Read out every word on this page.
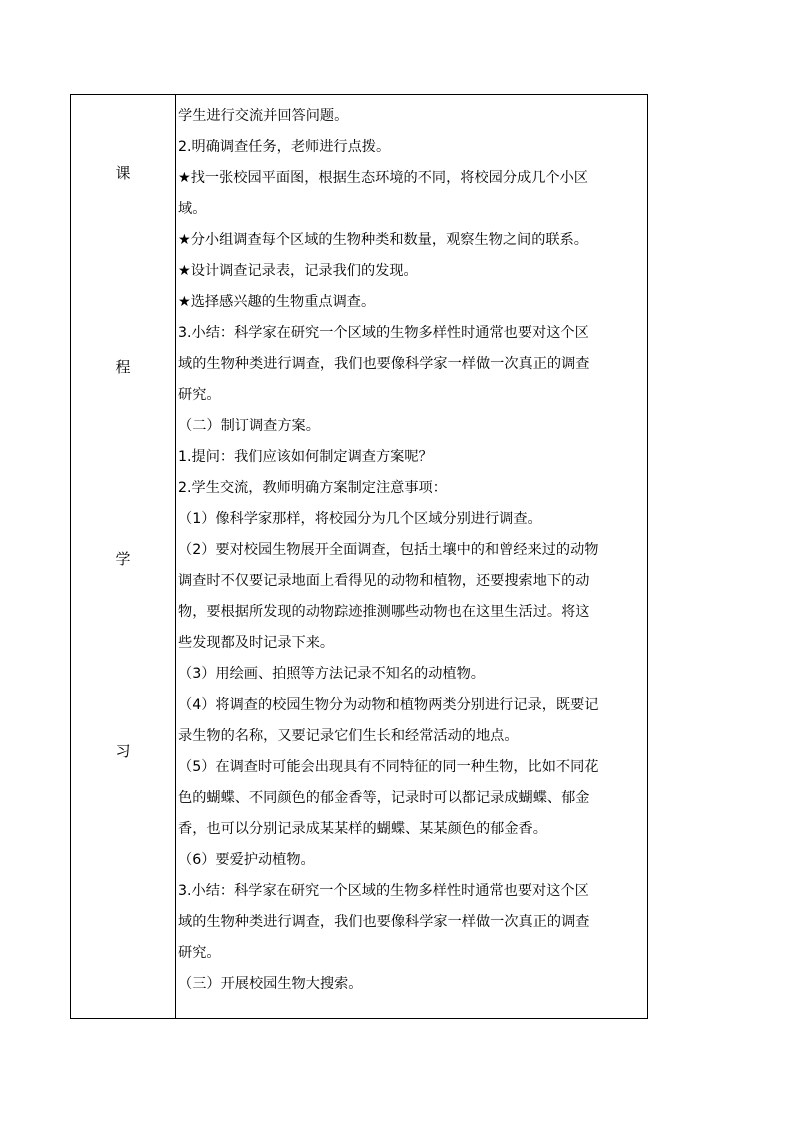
课
程
学
习
学生进行交流并回答问题。
2.明确调查任务，老师进行点拨。
★找一张校园平面图，根据生态环境的不同，将校园分成几个小区
域。
★分小组调查每个区域的生物种类和数量，观察生物之间的联系。
★设计调查记录表，记录我们的发现。
★选择感兴趣的生物重点调查。
3.小结：科学家在研究一个区域的生物多样性时通常也要对这个区
域的生物种类进行调查，我们也要像科学家一样做一次真正的调查
研究。
（二）制订调查方案。
1.提问：我们应该如何制定调查方案呢？
2.学生交流，教师明确方案制定注意事项：
（1）像科学家那样，将校园分为几个区域分别进行调查。
（2）要对校园生物展开全面调查，包括土壤中的和曾经来过的动物
调查时不仅要记录地面上看得见的动物和植物，还要搜索地下的动
物，要根据所发现的动物踪迹推测哪些动物也在这里生活过。将这
些发现都及时记录下来。
（3）用绘画、拍照等方法记录不知名的动植物。
（4）将调查的校园生物分为动物和植物两类分别进行记录，既要记
录生物的名称，又要记录它们生长和经常活动的地点。
（5）在调查时可能会出现具有不同特征的同一种生物，比如不同花
色的蝴蝶、不同颜色的郁金香等，记录时可以都记录成蝴蝶、郁金
香，也可以分别记录成某某样的蝴蝶、某某颜色的郁金香。
（6）要爱护动植物。
3.小结：科学家在研究一个区域的生物多样性时通常也要对这个区
域的生物种类进行调查，我们也要像科学家一样做一次真正的调查
研究。
（三）开展校园生物大搜索。
